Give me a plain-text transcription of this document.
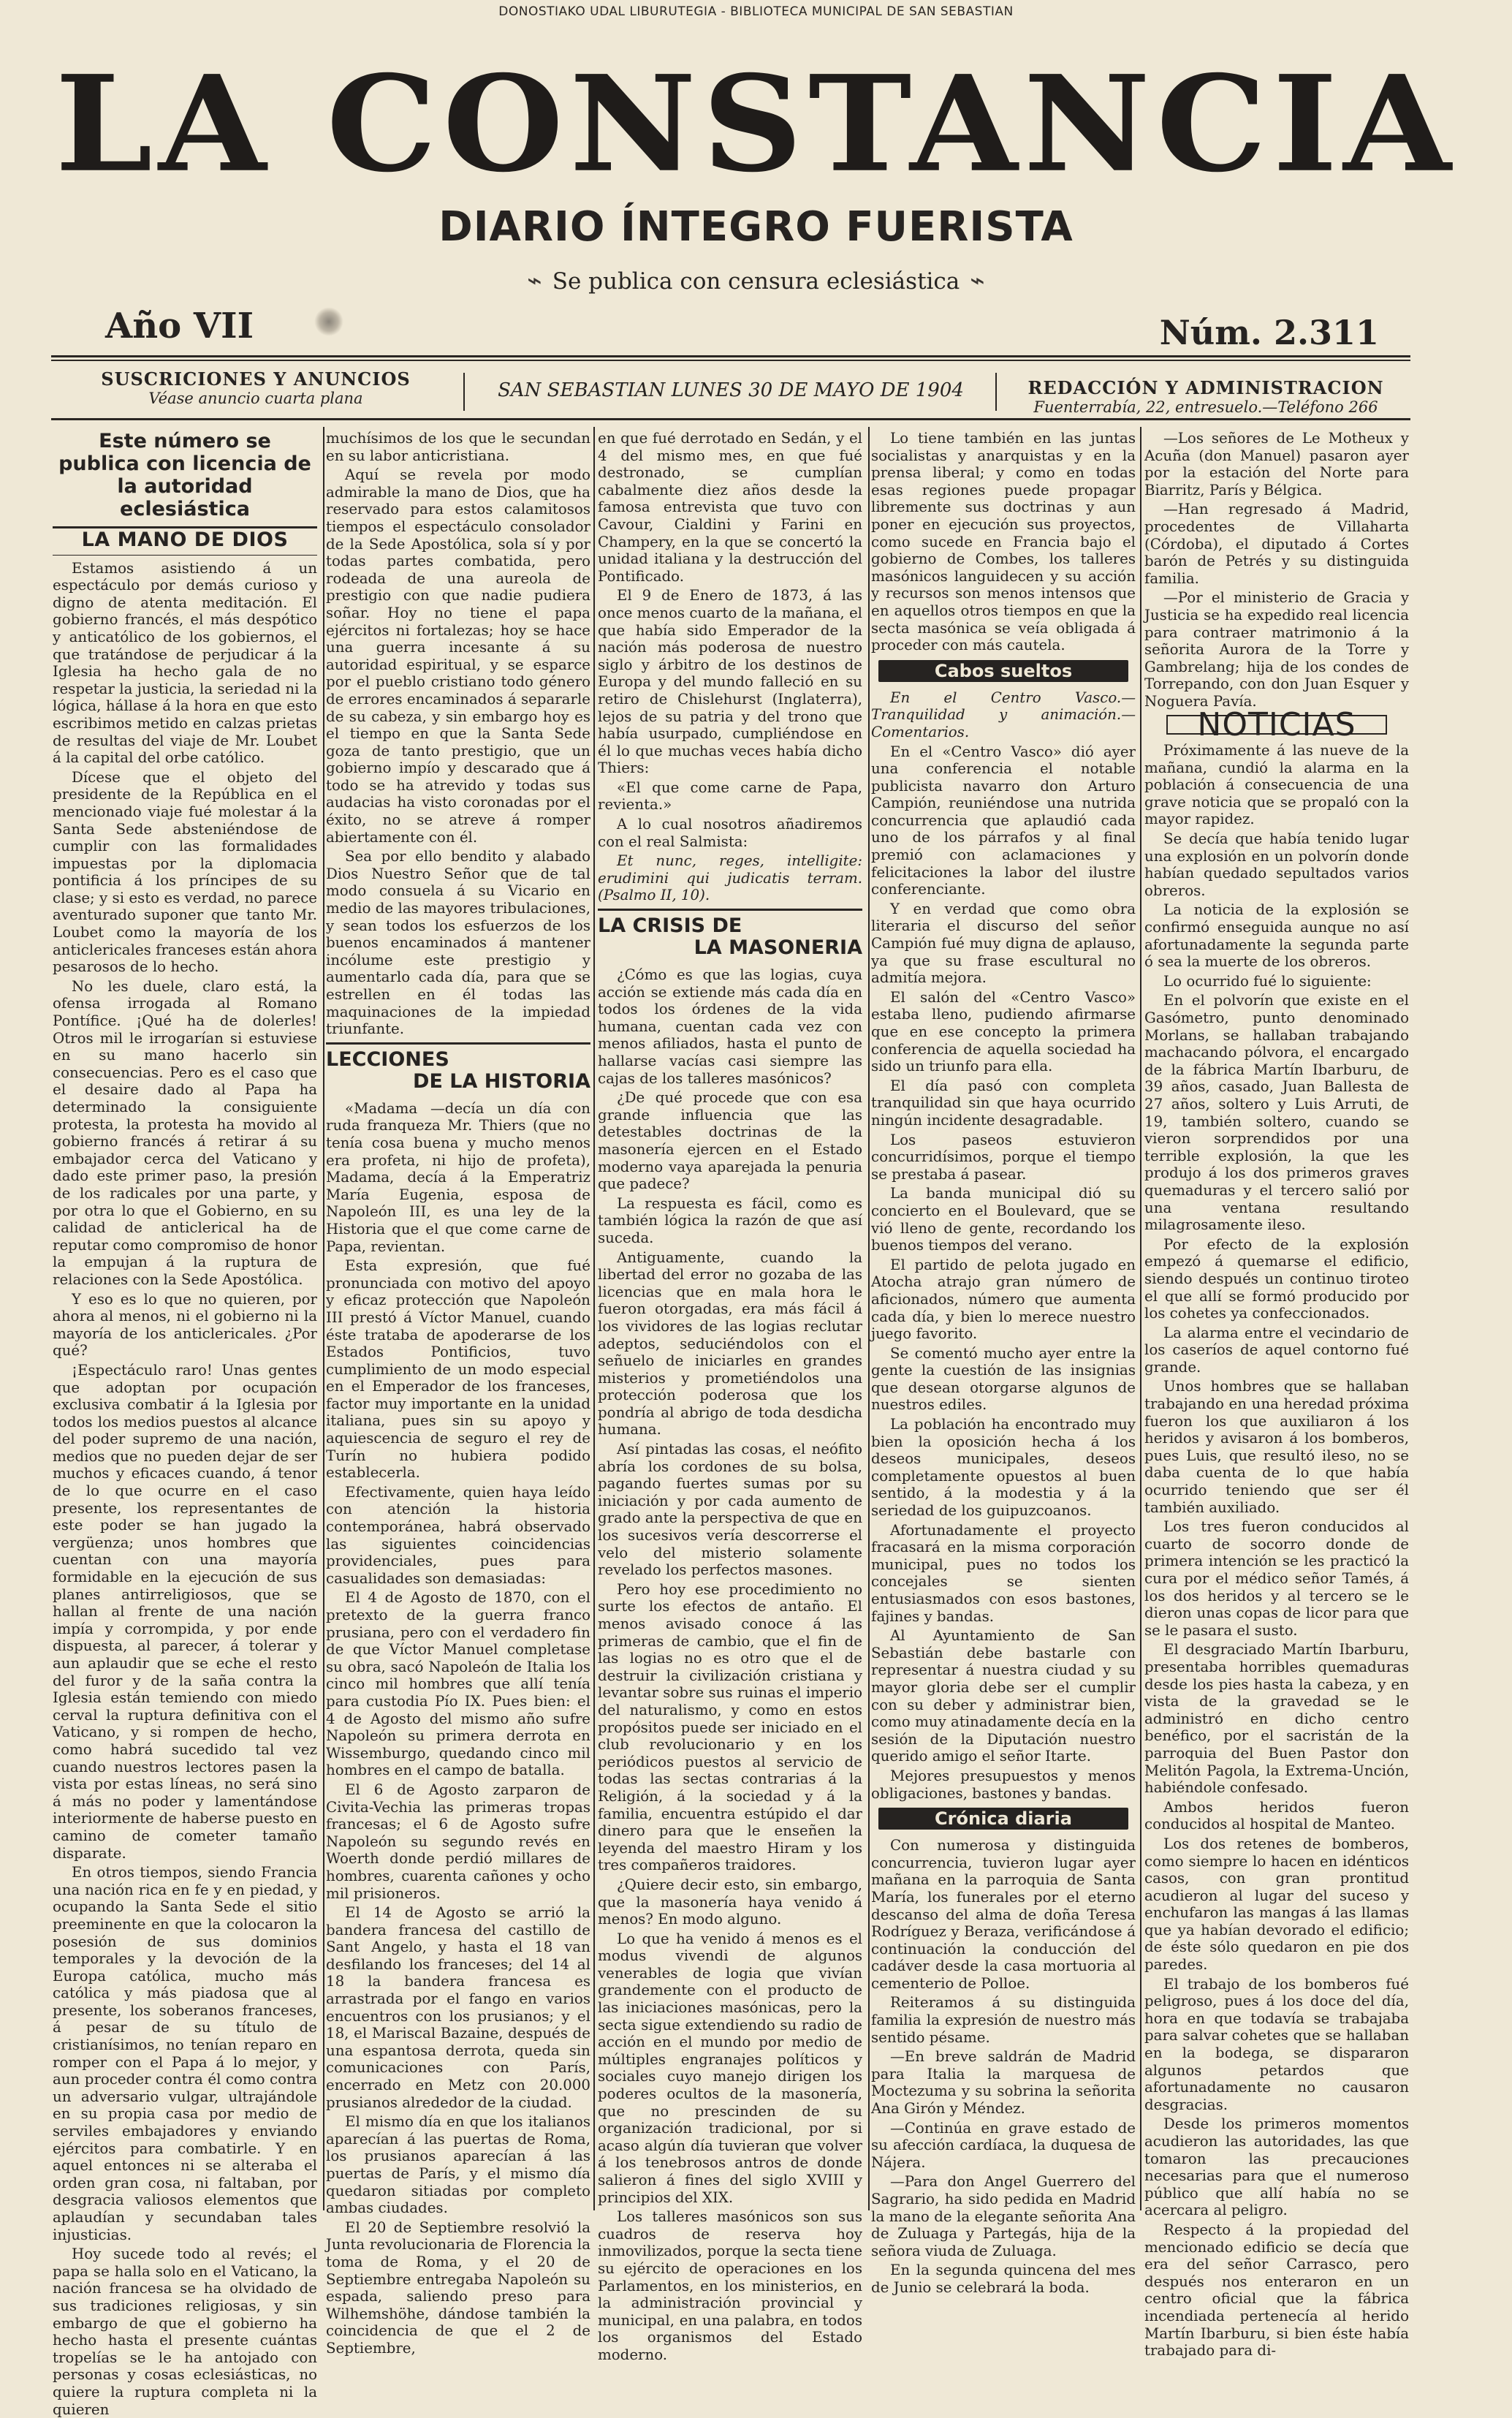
DONOSTIAKO UDAL LIBURUTEGIA - BIBLIOTECA MUNICIPAL DE SAN SEBASTIAN
LA CONSTANCIA
DIARIO ÍNTEGRO FUERISTA
⌁ Se publica con censura eclesiástica ⌁
Año VII	Núm. 2.311
SUSCRICIONES Y ANUNCIOS
Véase anuncio cuarta plana	SAN SEBASTIAN LUNES 30 DE MAYO DE 1904	REDACCIÓN Y ADMINISTRACION
Fuenterrabía, 22, entresuelo.—Teléfono 266
Este número se publica con licencia de la autoridad eclesiástica
LA MANO DE DIOS

Estamos asistiendo á un espectáculo por demás curioso y digno de atenta meditación. El gobierno francés, el más despótico y anticatólico de los gobiernos, el que tratándose de perjudicar á la Iglesia ha hecho gala de no respetar la justicia, la seriedad ni la lógica, hállase á la hora en que esto escribimos metido en calzas prietas de resultas del viaje de Mr. Loubet á la capital del orbe católico.

Dícese que el objeto del presidente de la República en el mencionado viaje fué molestar á la Santa Sede absteniéndose de cumplir con las formalidades impuestas por la diplomacia pontificia á los príncipes de su clase; y si esto es verdad, no parece aventurado suponer que tanto Mr. Loubet como la mayoría de los anticlericales franceses están ahora pesarosos de lo hecho.

No les duele, claro está, la ofensa irrogada al Romano Pontífice. ¡Qué ha de dolerles! Otros mil le irrogarían si estuviese en su mano hacerlo sin consecuencias. Pero es el caso que el desaire dado al Papa ha determinado la consiguiente protesta, la protesta ha movido al gobierno francés á retirar á su embajador cerca del Vaticano y dado este primer paso, la presión de los radicales por una parte, y por otra lo que el Gobierno, en su calidad de anticlerical ha de reputar como compromiso de honor la empujan á la ruptura de relaciones con la Sede Apostólica.

Y eso es lo que no quieren, por ahora al menos, ni el gobierno ni la mayoría de los anticlericales. ¿Por qué?

¡Espectáculo raro! Unas gentes que adoptan por ocupación exclusiva combatir á la Iglesia por todos los medios puestos al alcance del poder supremo de una nación, medios que no pueden dejar de ser muchos y eficaces cuando, á tenor de lo que ocurre en el caso presente, los representantes de este poder se han jugado la vergüenza; unos hombres que cuentan con una mayoría formidable en la ejecución de sus planes antirreligiosos, que se hallan al frente de una nación impía y corrompida, y por ende dispuesta, al parecer, á tolerar y aun aplaudir que se eche el resto del furor y de la saña contra la Iglesia están temiendo con miedo cerval la ruptura definitiva con el Vaticano, y si rompen de hecho, como habrá sucedido tal vez cuando nuestros lectores pasen la vista por estas líneas, no será sino á más no poder y lamentándose interiormente de haberse puesto en camino de cometer tamaño disparate.

En otros tiempos, siendo Francia una nación rica en fe y en piedad, y ocupando la Santa Sede el sitio preeminente en que la colocaron la posesión de sus dominios temporales y la devoción de la Europa católica, mucho más católica y más piadosa que al presente, los soberanos franceses, á pesar de su título de cristianísimos, no tenían reparo en romper con el Papa á lo mejor, y aun proceder contra él como contra un adversario vulgar, ultrajándole en su propia casa por medio de serviles embajadores y enviando ejércitos para combatirle. Y en aquel entonces ni se alteraba el orden gran cosa, ni faltaban, por desgracia valiosos elementos que aplaudían y secundaban tales injusticias.

Hoy sucede todo al revés; el papa se halla solo en el Vaticano, la nación francesa se ha olvidado de sus tradiciones religiosas, y sin embargo de que el gobierno ha hecho hasta el presente cuántas tropelías se le ha antojado con personas y cosas eclesiásticas, no quiere la ruptura completa ni la quieren

muchísimos de los que le secundan en su labor anticristiana.

Aquí se revela por modo admirable la mano de Dios, que ha reservado para estos calamitosos tiempos el espectáculo consolador de la Sede Apostólica, sola sí y por todas partes combatida, pero rodeada de una aureola de prestigio con que nadie pudiera soñar. Hoy no tiene el papa ejércitos ni fortalezas; hoy se hace una guerra incesante á su autoridad espiritual, y se esparce por el pueblo cristiano todo género de errores encaminados á separarle de su cabeza, y sin embargo hoy es el tiempo en que la Santa Sede goza de tanto prestigio, que un gobierno impío y descarado que á todo se ha atrevido y todas sus audacias ha visto coronadas por el éxito, no se atreve á romper abiertamente con él.

Sea por ello bendito y alabado Dios Nuestro Señor que de tal modo consuela á su Vicario en medio de las mayores tribulaciones, y sean todos los esfuerzos de los buenos encaminados á mantener incólume este prestigio y aumentarlo cada día, para que se estrellen en él todas las maquinaciones de la impiedad triunfante.

LECCIONES
DE LA HISTORIA

«Madama —decía un día con ruda franqueza Mr. Thiers (que no tenía cosa buena y mucho menos era profeta, ni hijo de profeta), Madama, decía á la Emperatriz María Eugenia, esposa de Napoleón III, es una ley de la Historia que el que come carne de Papa, revientan.

Esta expresión, que fué pronunciada con motivo del apoyo y eficaz protección que Napoleón III prestó á Víctor Manuel, cuando éste trataba de apoderarse de los Estados Pontificios, tuvo cumplimiento de un modo especial en el Emperador de los franceses, factor muy importante en la unidad italiana, pues sin su apoyo y aquiescencia de seguro el rey de Turín no hubiera podido establecerla.

Efectivamente, quien haya leído con atención la historia contemporánea, habrá observado las siguientes coincidencias providenciales, pues para casualidades son demasiadas:

El 4 de Agosto de 1870, con el pretexto de la guerra franco prusiana, pero con el verdadero fin de que Víctor Manuel completase su obra, sacó Napoleón de Italia los cinco mil hombres que allí tenía para custodia Pío IX. Pues bien: el 4 de Agosto del mismo año sufre Napoleón su primera derrota en Wissemburgo, quedando cinco mil hombres en el campo de batalla.

El 6 de Agosto zarparon de Civita-Vechia las primeras tropas francesas; el 6 de Agosto sufre Napoleón su segundo revés en Woerth donde perdió millares de hombres, cuarenta cañones y ocho mil prisioneros.

El 14 de Agosto se arrió la bandera francesa del castillo de Sant Angelo, y hasta el 18 van desfilando los franceses; del 14 al 18 la bandera francesa es arrastrada por el fango en varios encuentros con los prusianos; y el 18, el Mariscal Bazaine, después de una espantosa derrota, queda sin comunicaciones con París, encerrado en Metz con 20.000 prusianos alrededor de la ciudad.

El mismo día en que los italianos aparecían á las puertas de Roma, los prusianos aparecían á las puertas de París, y el mismo día quedaron sitiadas por completo ambas ciudades.

El 20 de Septiembre resolvió la Junta revolucionaria de Florencia la toma de Roma, y el 20 de Septiembre entregaba Napoleón su espada, saliendo preso para Wilhemshöhe, dándose también la coincidencia de que el 2 de Septiembre,

en que fué derrotado en Sedán, y el 4 del mismo mes, en que fué destronado, se cumplían cabalmente diez años desde la famosa entrevista que tuvo con Cavour, Cialdini y Farini en Champery, en la que se concertó la unidad italiana y la destrucción del Pontificado.

El 9 de Enero de 1873, á las once menos cuarto de la mañana, el que había sido Emperador de la nación más poderosa de nuestro siglo y árbitro de los destinos de Europa y del mundo falleció en su retiro de Chislehurst (Inglaterra), lejos de su patria y del trono que había usurpado, cumpliéndose en él lo que muchas veces había dicho Thiers:

«El que come carne de Papa, revienta.»

A lo cual nosotros añadiremos con el real Salmista:

Et nunc, reges, intelligite: erudimini qui judicatis terram. (Psalmo II, 10).

LA CRISIS DE
LA MASONERIA

¿Cómo es que las logias, cuya acción se extiende más cada día en todos los órdenes de la vida humana, cuentan cada vez con menos afiliados, hasta el punto de hallarse vacías casi siempre las cajas de los talleres masónicos?

¿De qué procede que con esa grande influencia que las detestables doctrinas de la masonería ejercen en el Estado moderno vaya aparejada la penuria que padece?

La respuesta es fácil, como es también lógica la razón de que así suceda.

Antiguamente, cuando la libertad del error no gozaba de las licencias que en mala hora le fueron otorgadas, era más fácil á los vividores de las logias reclutar adeptos, seduciéndolos con el señuelo de iniciarles en grandes misterios y prometiéndolos una protección poderosa que los pondría al abrigo de toda desdicha humana.

Así pintadas las cosas, el neófito abría los cordones de su bolsa, pagando fuertes sumas por su iniciación y por cada aumento de grado ante la perspectiva de que en los sucesivos vería descorrerse el velo del misterio solamente revelado los perfectos masones.

Pero hoy ese procedimiento no surte los efectos de antaño. El menos avisado conoce á las primeras de cambio, que el fin de las logias no es otro que el de destruir la civilización cristiana y levantar sobre sus ruinas el imperio del naturalismo, y como en estos propósitos puede ser iniciado en el club revolucionario y en los periódicos puestos al servicio de todas las sectas contrarias á la Religión, á la sociedad y á la familia, encuentra estúpido el dar dinero para que le enseñen la leyenda del maestro Hiram y los tres compañeros traidores.

¿Quiere decir esto, sin embargo, que la masonería haya venido á menos? En modo alguno.

Lo que ha venido á menos es el modus vivendi de algunos venerables de logia que vivían grandemente con el producto de las iniciaciones masónicas, pero la secta sigue extendiendo su radio de acción en el mundo por medio de múltiples engranajes políticos y sociales cuyo manejo dirigen los poderes ocultos de la masonería, que no prescinden de su organización tradicional, por si acaso algún día tuvieran que volver á los tenebrosos antros de donde salieron á fines del siglo XVIII y principios del XIX.

Los talleres masónicos son sus cuadros de reserva hoy inmovilizados, porque la secta tiene su ejército de operaciones en los Parlamentos, en los ministerios, en la administración provincial y municipal, en una palabra, en todos los organismos del Estado moderno.

Lo tiene también en las juntas socialistas y anarquistas y en la prensa liberal; y como en todas esas regiones puede propagar libremente sus doctrinas y aun poner en ejecución sus proyectos, como sucede en Francia bajo el gobierno de Combes, los talleres masónicos languidecen y su acción y recursos son menos intensos que en aquellos otros tiempos en que la secta masónica se veía obligada á proceder con más cautela.

Cabos sueltos

En el Centro Vasco.—Tranquilidad y animación.—Comentarios.

En el «Centro Vasco» dió ayer una conferencia el notable publicista navarro don Arturo Campión, reuniéndose una nutrida concurrencia que aplaudió cada uno de los párrafos y al final premió con aclamaciones y felicitaciones la labor del ilustre conferenciante.

Y en verdad que como obra literaria el discurso del señor Campión fué muy digna de aplauso, ya que su frase escultural no admitía mejora.

El salón del «Centro Vasco» estaba lleno, pudiendo afirmarse que en ese concepto la primera conferencia de aquella sociedad ha sido un triunfo para ella.

El día pasó con completa tranquilidad sin que haya ocurrido ningún incidente desagradable.

Los paseos estuvieron concurridísimos, porque el tiempo se prestaba á pasear.

La banda municipal dió su concierto en el Boulevard, que se vió lleno de gente, recordando los buenos tiempos del verano.

El partido de pelota jugado en Atocha atrajo gran número de aficionados, número que aumenta cada día, y bien lo merece nuestro juego favorito.

Se comentó mucho ayer entre la gente la cuestión de las insignias que desean otorgarse algunos de nuestros ediles.

La población ha encontrado muy bien la oposición hecha á los deseos municipales, deseos completamente opuestos al buen sentido, á la modestia y á la seriedad de los guipuzcoanos.

Afortunadamente el proyecto fracasará en la misma corporación municipal, pues no todos los concejales se sienten entusiasmados con esos bastones, fajines y bandas.

Al Ayuntamiento de San Sebastián debe bastarle con representar á nuestra ciudad y su mayor gloria debe ser el cumplir con su deber y administrar bien, como muy atinadamente decía en la sesión de la Diputación nuestro querido amigo el señor Itarte.

Mejores presupuestos y menos obligaciones, bastones y bandas.

Crónica diaria

Con numerosa y distinguida concurrencia, tuvieron lugar ayer mañana en la parroquia de Santa María, los funerales por el eterno descanso del alma de doña Teresa Rodríguez y Beraza, verificándose á continuación la conducción del cadáver desde la casa mortuoria al cementerio de Polloe.

Reiteramos á su distinguida familia la expresión de nuestro más sentido pésame.

—En breve saldrán de Madrid para Italia la marquesa de Moctezuma y su sobrina la señorita Ana Girón y Méndez.

—Continúa en grave estado de su afección cardíaca, la duquesa de Nájera.

—Para don Angel Guerrero del Sagrario, ha sido pedida en Madrid la mano de la elegante señorita Ana de Zuluaga y Partegás, hija de la señora viuda de Zuluaga.

En la segunda quincena del mes de Junio se celebrará la boda.

—Los señores de Le Motheux y Acuña (don Manuel) pasaron ayer por la estación del Norte para Biarritz, París y Bélgica.

—Han regresado á Madrid, procedentes de Villaharta (Córdoba), el diputado á Cortes barón de Petrés y su distinguida familia.

—Por el ministerio de Gracia y Justicia se ha expedido real licencia para contraer matrimonio á la señorita Aurora de la Torre y Gambrelang; hija de los condes de Torrepando, con don Juan Esquer y Noguera Pavía.

NOTICIAS

Próximamente á las nueve de la mañana, cundió la alarma en la población á consecuencia de una grave noticia que se propaló con la mayor rapidez.

Se decía que había tenido lugar una explosión en un polvorín donde habían quedado sepultados varios obreros.

La noticia de la explosión se confirmó enseguida aunque no así afortunadamente la segunda parte ó sea la muerte de los obreros.

Lo ocurrido fué lo siguiente:

En el polvorín que existe en el Gasómetro, punto denominado Morlans, se hallaban trabajando machacando pólvora, el encargado de la fábrica Martín Ibarburu, de 39 años, casado, Juan Ballesta de 27 años, soltero y Luis Arruti, de 19, también soltero, cuando se vieron sorprendidos por una terrible explosión, la que les produjo á los dos primeros graves quemaduras y el tercero salió por una ventana resultando milagrosamente ileso.

Por efecto de la explosión empezó á quemarse el edificio, siendo después un continuo tiroteo el que allí se formó producido por los cohetes ya confeccionados.

La alarma entre el vecindario de los caseríos de aquel contorno fué grande.

Unos hombres que se hallaban trabajando en una heredad próxima fueron los que auxiliaron á los heridos y avisaron á los bomberos, pues Luis, que resultó ileso, no se daba cuenta de lo que había ocurrido teniendo que ser él también auxiliado.

Los tres fueron conducidos al cuarto de socorro donde de primera intención se les practicó la cura por el médico señor Tamés, á los dos heridos y al tercero se le dieron unas copas de licor para que se le pasara el susto.

El desgraciado Martín Ibarburu, presentaba horribles quemaduras desde los pies hasta la cabeza, y en vista de la gravedad se le administró en dicho centro benéfico, por el sacristán de la parroquia del Buen Pastor don Melitón Pagola, la Extrema-Unción, habiéndole confesado.

Ambos heridos fueron conducidos al hospital de Manteo.

Los dos retenes de bomberos, como siempre lo hacen en idénticos casos, con gran prontitud acudieron al lugar del suceso y enchufaron las mangas á las llamas que ya habían devorado el edificio; de éste sólo quedaron en pie dos paredes.

El trabajo de los bomberos fué peligroso, pues á los doce del día, hora en que todavía se trabajaba para salvar cohetes que se hallaban en la bodega, se dispararon algunos petardos que afortunadamente no causaron desgracias.

Desde los primeros momentos acudieron las autoridades, las que tomaron las precauciones necesarias para que el numeroso público que allí había no se acercara al peligro.

Respecto á la propiedad del mencionado edificio se decía que era del señor Carrasco, pero después nos enteraron en un centro oficial que la fábrica incendiada pertenecía al herido Martín Ibarburu, si bien éste había trabajado para di-
